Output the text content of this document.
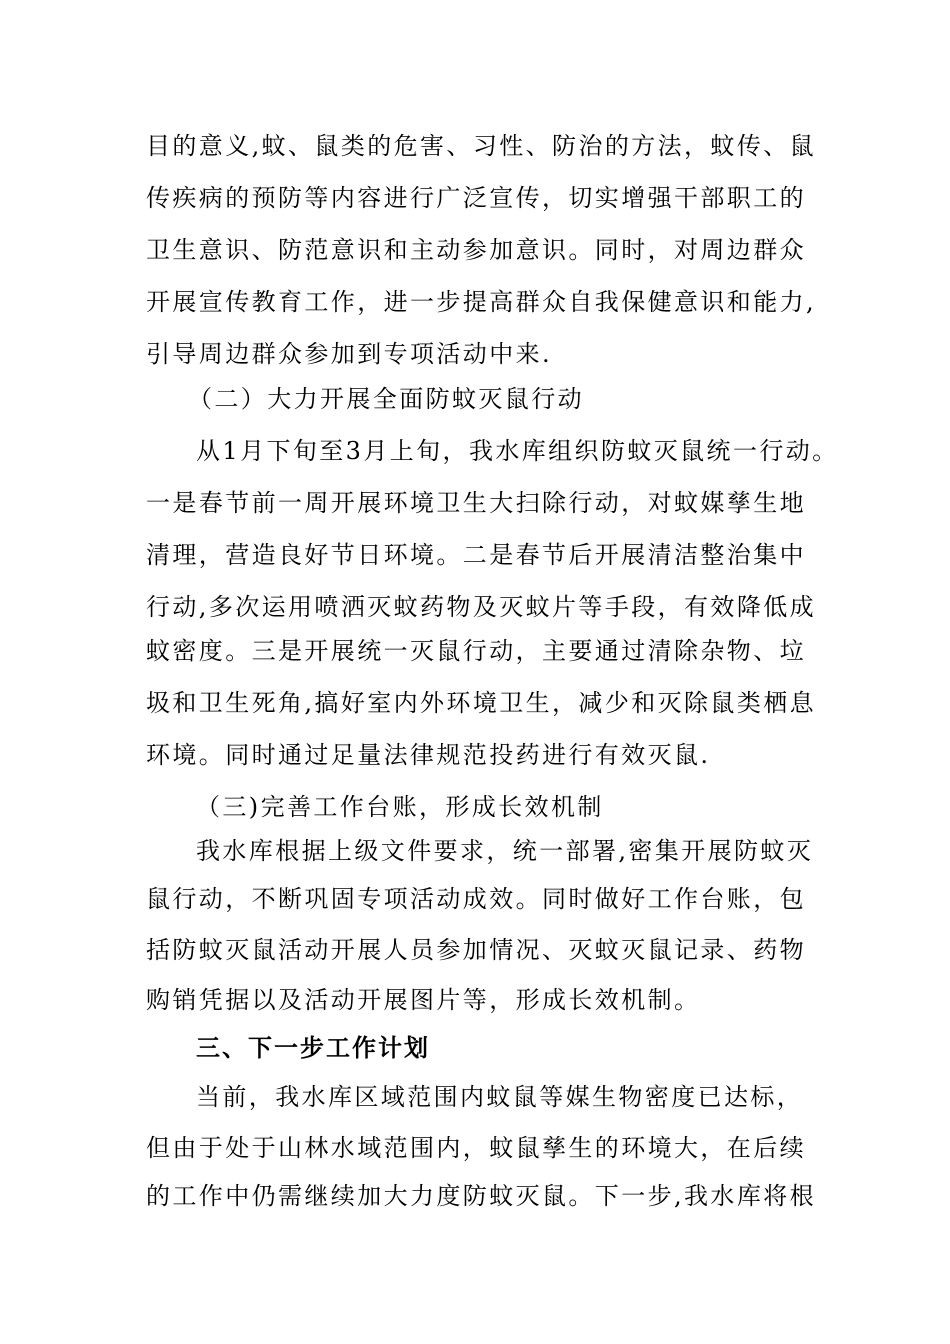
目的意义,蚊、鼠类的危害、习性、防治的方法，蚊传、鼠
传疾病的预防等内容进行广泛宣传，切实增强干部职工的
卫生意识、防范意识和主动参加意识。同时，对周边群众
开展宣传教育工作，进一步提高群众自我保健意识和能力,
引导周边群众参加到专项活动中来.
（二）大力开展全面防蚊灭鼠行动
从1月下旬至3月上旬，我水库组织防蚊灭鼠统一行动。
一是春节前一周开展环境卫生大扫除行动，对蚊媒孳生地
清理，营造良好节日环境。二是春节后开展清洁整治集中
行动,多次运用喷洒灭蚊药物及灭蚊片等手段，有效降低成
蚊密度。三是开展统一灭鼠行动，主要通过清除杂物、垃
圾和卫生死角,搞好室内外环境卫生，减少和灭除鼠类栖息
环境。同时通过足量法律规范投药进行有效灭鼠.
（三)完善工作台账，形成长效机制
我水库根据上级文件要求，统一部署,密集开展防蚊灭
鼠行动，不断巩固专项活动成效。同时做好工作台账，包
括防蚊灭鼠活动开展人员参加情况、灭蚊灭鼠记录、药物
购销凭据以及活动开展图片等，形成长效机制。
三、下一步工作计划
当前，我水库区域范围内蚊鼠等媒生物密度已达标，
但由于处于山林水域范围内，蚊鼠孳生的环境大，在后续
的工作中仍需继续加大力度防蚊灭鼠。下一步,我水库将根
